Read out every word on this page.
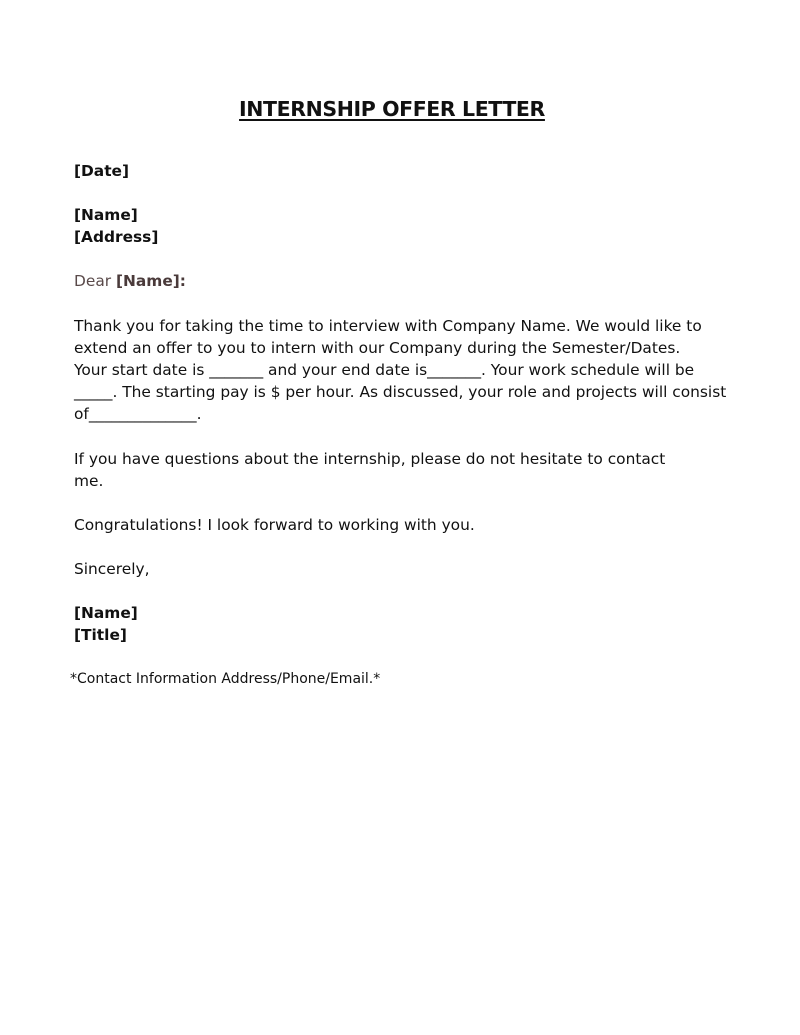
INTERNSHIP OFFER LETTER
[Date]
[Name]
[Address]
Dear [Name]:
Thank you for taking the time to interview with Company Name. We would like to
extend an offer to you to intern with our Company during the Semester/Dates.
Your start date is _______ and your end date is_______. Your work schedule will be
_____. The starting pay is $ per hour. As discussed, your role and projects will consist
of______________.
If you have questions about the internship, please do not hesitate to contact
me.
Congratulations! I look forward to working with you.
Sincerely,
[Name]
[Title]
*Contact Information Address/Phone/Email.*
